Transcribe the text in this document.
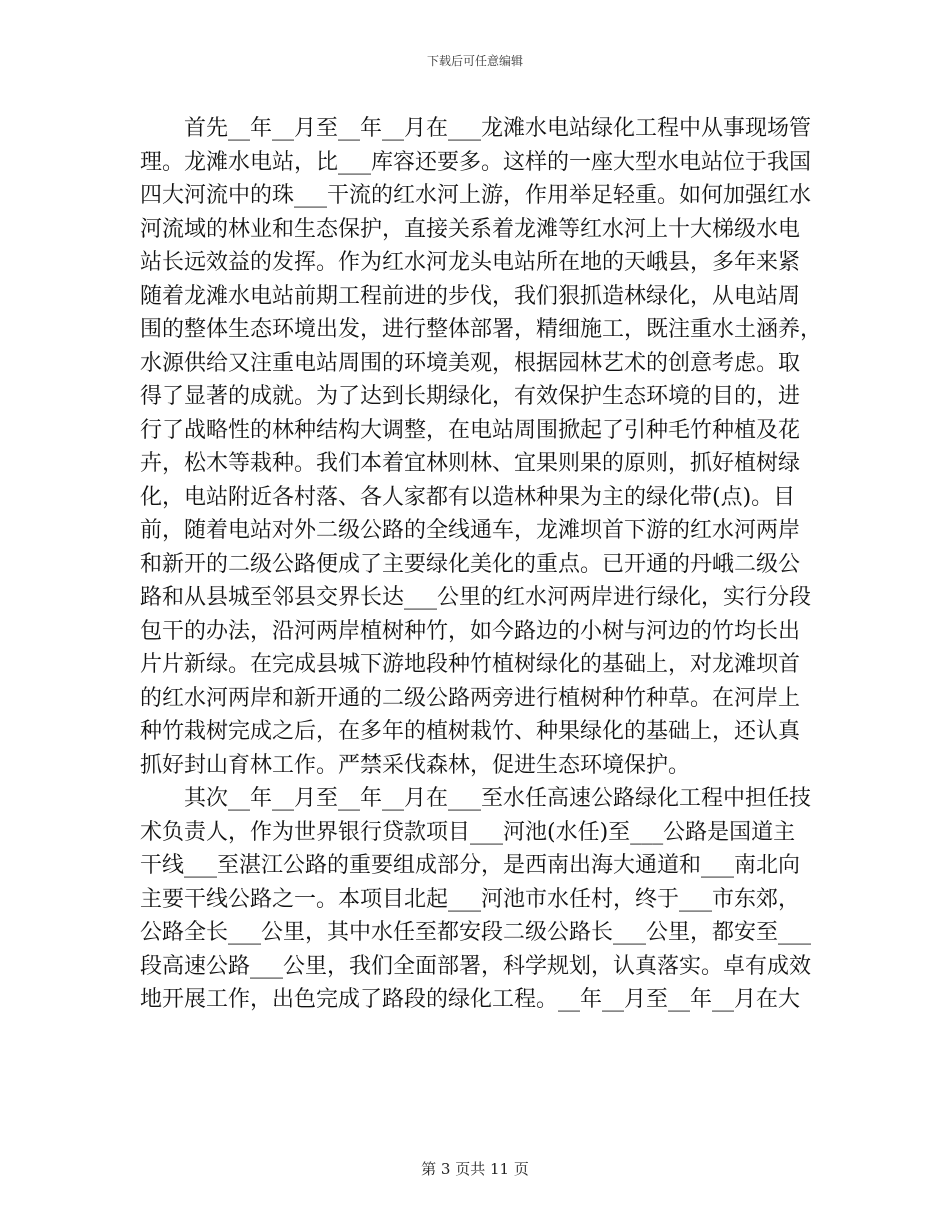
下载后可任意编辑
　　首先__年__月至__年__月在___龙滩水电站绿化工程中从事现场管
理。龙滩水电站，比___库容还要多。这样的一座大型水电站位于我国
四大河流中的珠___干流的红水河上游，作用举足轻重。如何加强红水
河流域的林业和生态保护，直接关系着龙滩等红水河上十大梯级水电
站长远效益的发挥。作为红水河龙头电站所在地的天峨县，多年来紧
随着龙滩水电站前期工程前进的步伐，我们狠抓造林绿化，从电站周
围的整体生态环境出发，进行整体部署，精细施工，既注重水土涵养，
水源供给又注重电站周围的环境美观，根据园林艺术的创意考虑。取
得了显著的成就。为了达到长期绿化，有效保护生态环境的目的，进
行了战略性的林种结构大调整，在电站周围掀起了引种毛竹种植及花
卉，松木等栽种。我们本着宜林则林、宜果则果的原则，抓好植树绿
化，电站附近各村落、各人家都有以造林种果为主的绿化带(点)。目
前，随着电站对外二级公路的全线通车，龙滩坝首下游的红水河两岸
和新开的二级公路便成了主要绿化美化的重点。已开通的丹峨二级公
路和从县城至邻县交界长达___公里的红水河两岸进行绿化，实行分段
包干的办法，沿河两岸植树种竹，如今路边的小树与河边的竹均长出
片片新绿。在完成县城下游地段种竹植树绿化的基础上，对龙滩坝首
的红水河两岸和新开通的二级公路两旁进行植树种竹种草。在河岸上
种竹栽树完成之后，在多年的植树栽竹、种果绿化的基础上，还认真
抓好封山育林工作。严禁采伐森林，促进生态环境保护。
　　其次__年__月至__年__月在___至水任高速公路绿化工程中担任技
术负责人，作为世界银行贷款项目___河池(水任)至___公路是国道主
干线___至湛江公路的重要组成部分，是西南出海大通道和___南北向
主要干线公路之一。本项目北起___河池市水任村，终于___市东郊，
公路全长___公里，其中水任至都安段二级公路长___公里，都安至___
段高速公路___公里，我们全面部署，科学规划，认真落实。卓有成效
地开展工作，出色完成了路段的绿化工程。__年__月至__年__月在大
第 3 页共 11 页
